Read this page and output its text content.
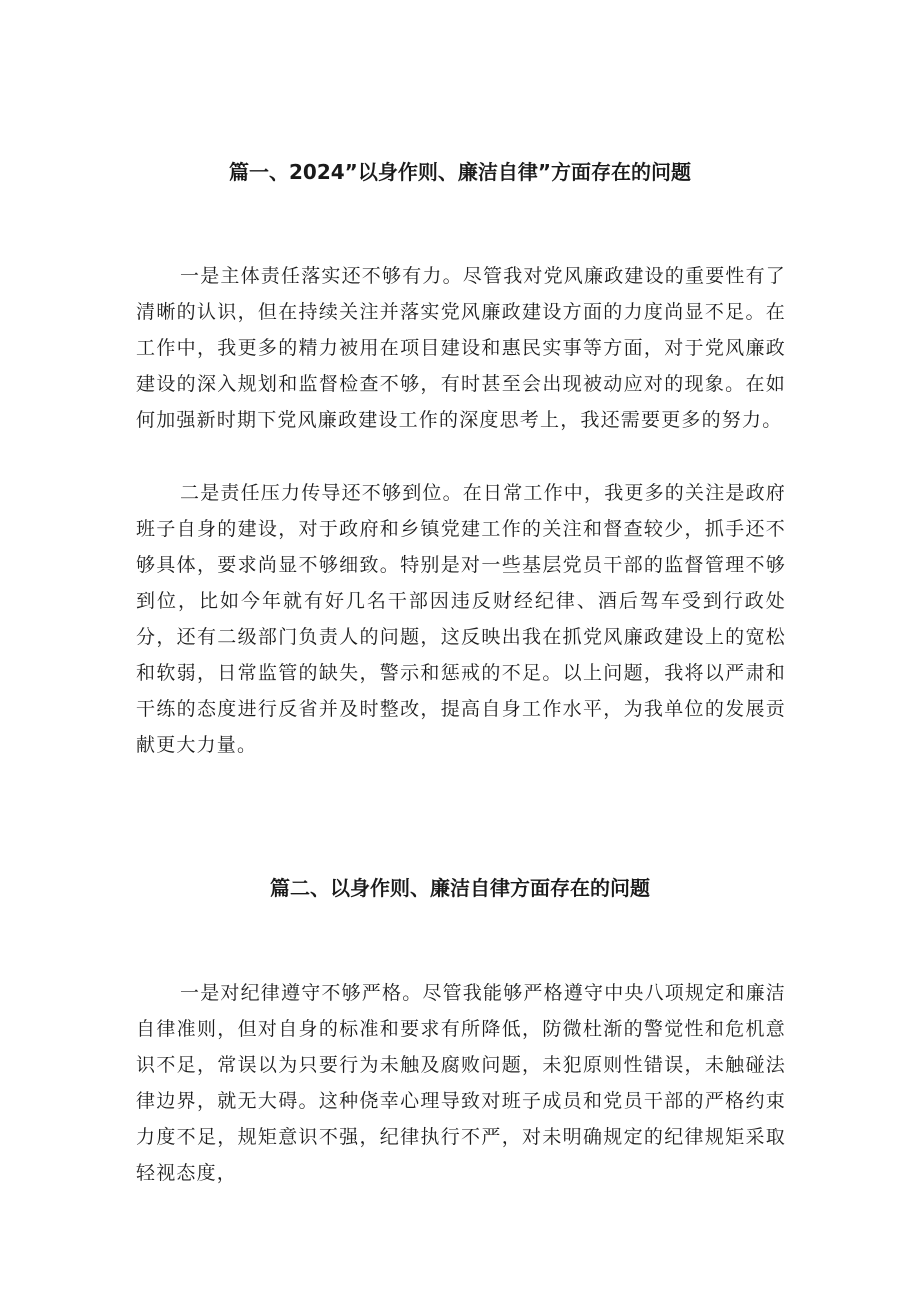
篇一、2024”以身作则、廉洁自律”方面存在的问题

一是主体责任落实还不够有力。尽管我对党风廉政建设的重要性有了清晰的认识，但在持续关注并落实党风廉政建设方面的力度尚显不足。在工作中，我更多的精力被用在项目建设和惠民实事等方面，对于党风廉政建设的深入规划和监督检查不够，有时甚至会出现被动应对的现象。在如何加强新时期下党风廉政建设工作的深度思考上，我还需要更多的努力。

二是责任压力传导还不够到位。在日常工作中，我更多的关注是政府班子自身的建设，对于政府和乡镇党建工作的关注和督查较少，抓手还不够具体，要求尚显不够细致。特别是对一些基层党员干部的监督管理不够到位，比如今年就有好几名干部因违反财经纪律、酒后驾车受到行政处分，还有二级部门负责人的问题，这反映出我在抓党风廉政建设上的宽松和软弱，日常监管的缺失，警示和惩戒的不足。以上问题，我将以严肃和干练的态度进行反省并及时整改，提高自身工作水平，为我单位的发展贡献更大力量。

篇二、以身作则、廉洁自律方面存在的问题

一是对纪律遵守不够严格。尽管我能够严格遵守中央八项规定和廉洁自律准则，但对自身的标准和要求有所降低，防微杜渐的警觉性和危机意识不足，常误以为只要行为未触及腐败问题，未犯原则性错误，未触碰法律边界，就无大碍。这种侥幸心理导致对班子成员和党员干部的严格约束力度不足，规矩意识不强，纪律执行不严，对未明确规定的纪律规矩采取轻视态度，
